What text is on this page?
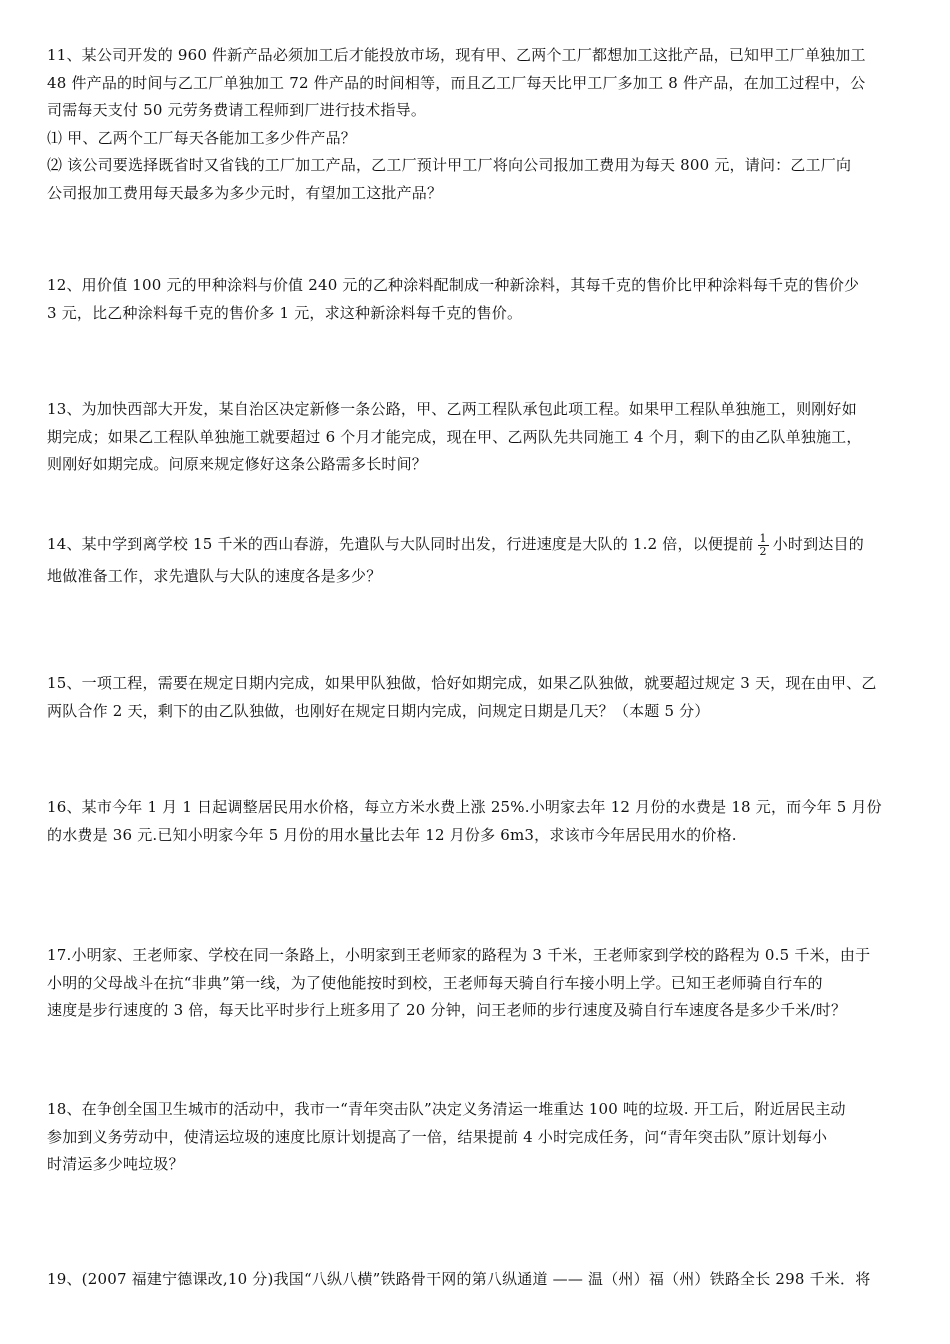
11、某公司开发的 960 件新产品必须加工后才能投放市场，现有甲、乙两个工厂都想加工这批产品，已知甲工厂单独加工
48 件产品的时间与乙工厂单独加工 72 件产品的时间相等，而且乙工厂每天比甲工厂多加工 8 件产品，在加工过程中，公
司需每天支付 50 元劳务费请工程师到厂进行技术指导。
⑴ 甲、乙两个工厂每天各能加工多少件产品？
⑵ 该公司要选择既省时又省钱的工厂加工产品，乙工厂预计甲工厂将向公司报加工费用为每天 800 元，请问：乙工厂向
公司报加工费用每天最多为多少元时，有望加工这批产品？
12、用价值 100 元的甲种涂料与价值 240 元的乙种涂料配制成一种新涂料，其每千克的售价比甲种涂料每千克的售价少
3 元，比乙种涂料每千克的售价多 1 元，求这种新涂料每千克的售价。
13、为加快西部大开发，某自治区决定新修一条公路，甲、乙两工程队承包此项工程。如果甲工程队单独施工，则刚好如
期完成；如果乙工程队单独施工就要超过 6 个月才能完成，现在甲、乙两队先共同施工 4 个月，剩下的由乙队单独施工，
则刚好如期完成。问原来规定修好这条公路需多长时间？
14、某中学到离学校 15 千米的西山春游，先遣队与大队同时出发，行进速度是大队的 1.2 倍，以便提前 $\frac{1}{2}$ 小时到达目的
地做准备工作，求先遣队与大队的速度各是多少？
15、一项工程，需要在规定日期内完成，如果甲队独做，恰好如期完成，如果乙队独做，就要超过规定 3 天，现在由甲、乙
两队合作 2 天，剩下的由乙队独做，也刚好在规定日期内完成，问规定日期是几天？（本题 5 分）
16、某市今年 1 月 1 日起调整居民用水价格，每立方米水费上涨 25%.小明家去年 12 月份的水费是 18 元，而今年 5 月份
的水费是 36 元.已知小明家今年 5 月份的用水量比去年 12 月份多 6m3，求该市今年居民用水的价格.
17.小明家、王老师家、学校在同一条路上，小明家到王老师家的路程为 3 千米，王老师家到学校的路程为 0.5 千米，由于
小明的父母战斗在抗“非典”第一线，为了使他能按时到校，王老师每天骑自行车接小明上学。已知王老师骑自行车的
速度是步行速度的 3 倍，每天比平时步行上班多用了 20 分钟，问王老师的步行速度及骑自行车速度各是多少千米/时？
18、在争创全国卫生城市的活动中，我市一“青年突击队”决定义务清运一堆重达 100 吨的垃圾. 开工后，附近居民主动
参加到义务劳动中，使清运垃圾的速度比原计划提高了一倍，结果提前 4 小时完成任务，问“青年突击队”原计划每小
时清运多少吨垃圾？
19、(2007 福建宁德课改,10 分)我国“八纵八横”铁路骨干网的第八纵通道 —— 温（州）福（州）铁路全长 298 千米．将
